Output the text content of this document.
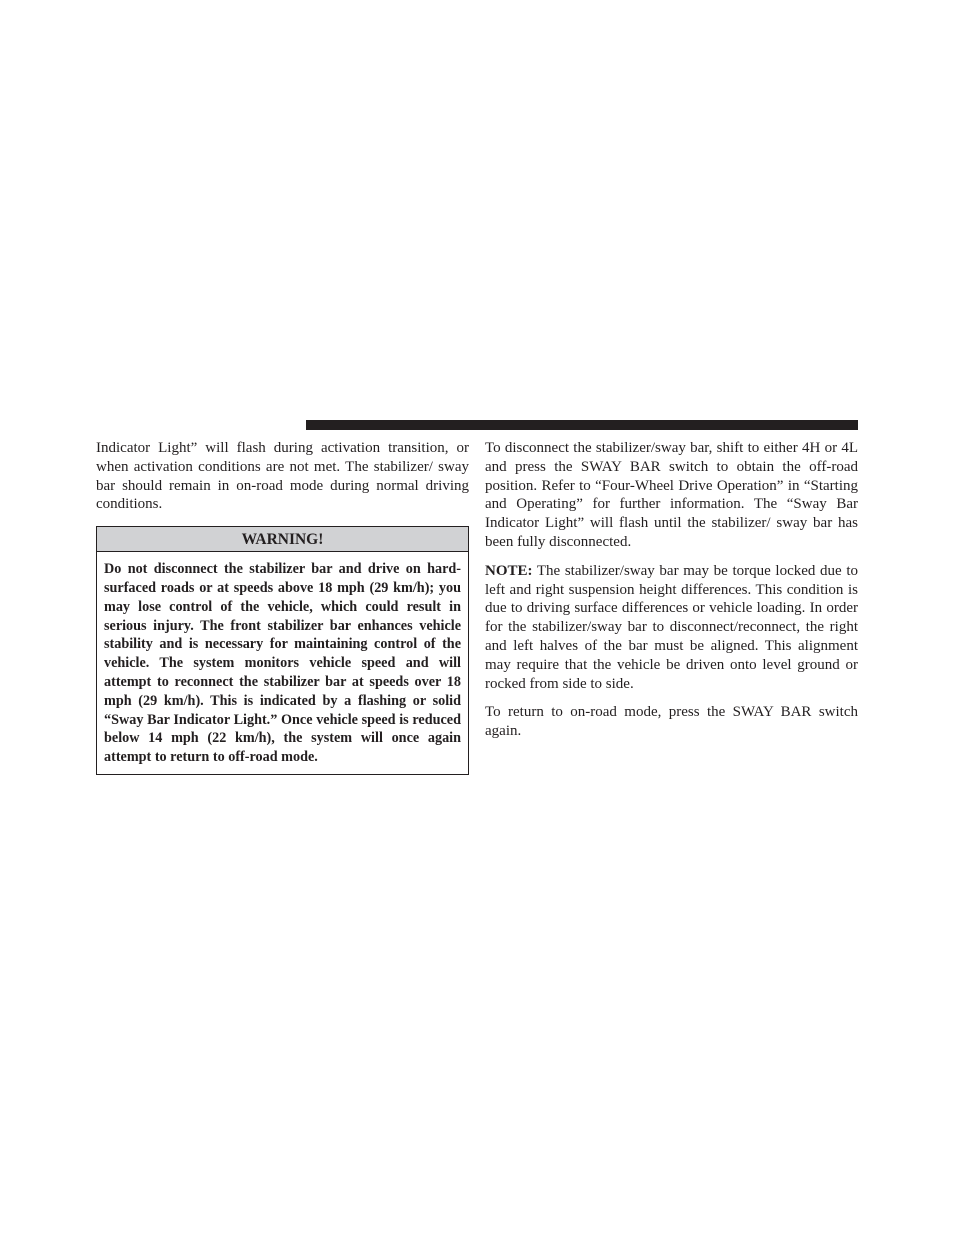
Indicator Light” will flash during activation transition, or when activation conditions are not met. The stabilizer/ sway bar should remain in on-road mode during normal driving conditions.

WARNING!
Do not disconnect the stabilizer bar and drive on hard-surfaced roads or at speeds above 18 mph (29 km/h); you may lose control of the vehicle, which could result in serious injury. The front stabilizer bar enhances vehicle stability and is necessary for maintaining control of the vehicle. The system monitors vehicle speed and will attempt to reconnect the stabilizer bar at speeds over 18 mph (29 km/h). This is indicated by a flashing or solid “Sway Bar Indicator Light.” Once vehicle speed is reduced below 14 mph (22 km/h), the system will once again attempt to return to off-road mode.

To disconnect the stabilizer/sway bar, shift to either 4H or 4L and press the SWAY BAR switch to obtain the off-road position. Refer to “Four-Wheel Drive Operation” in “Starting and Operating” for further information. The “Sway Bar Indicator Light” will flash until the stabilizer/ sway bar has been fully disconnected.

NOTE: The stabilizer/sway bar may be torque locked due to left and right suspension height differences. This condition is due to driving surface differences or vehicle loading. In order for the stabilizer/sway bar to disconnect/reconnect, the right and left halves of the bar must be aligned. This alignment may require that the vehicle be driven onto level ground or rocked from side to side.

To return to on-road mode, press the SWAY BAR switch again.
